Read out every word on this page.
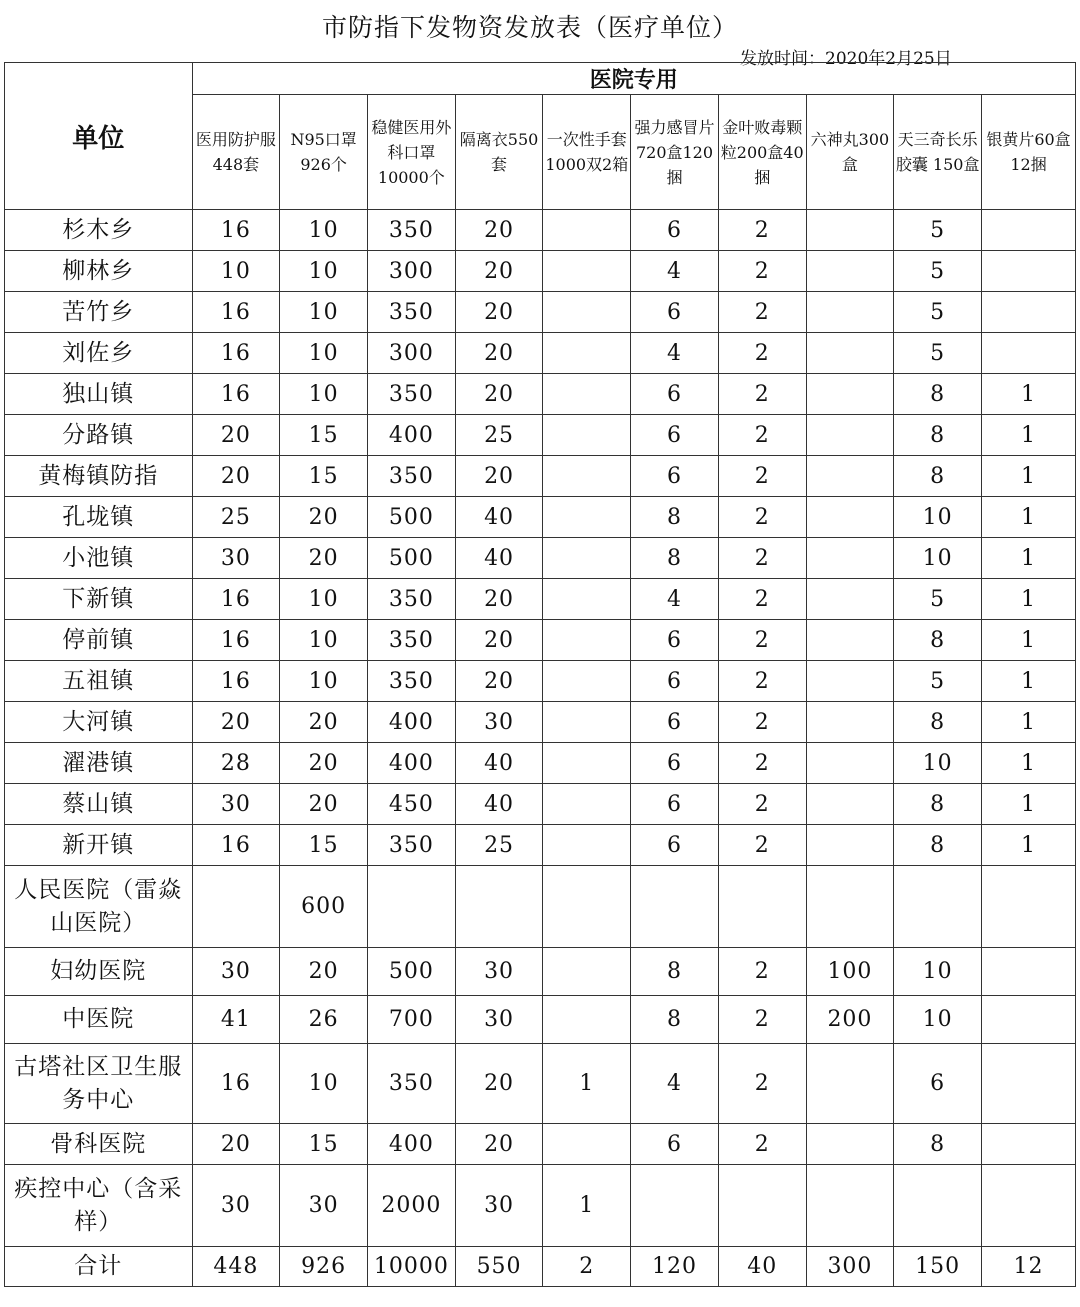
市防指下发物资发放表（医疗单位）
发放时间：2020年2月25日
单位	医院专用									
	医用防护服448套	N95口罩926个	稳健医用外科口罩10000个	隔离衣550套	一次性手套1000双2箱	强力感冒片720盒120捆	金叶败毒颗粒200盒40捆	六神丸300盒	天三奇长乐胶囊 150盒	银黄片60盒12捆
杉木乡	16	10	350	20		6	2		5	
柳林乡	10	10	300	20		4	2		5	
苦竹乡	16	10	350	20		6	2		5	
刘佐乡	16	10	300	20		4	2		5	
独山镇	16	10	350	20		6	2		8	1
分路镇	20	15	400	25		6	2		8	1
黄梅镇防指	20	15	350	20		6	2		8	1
孔垅镇	25	20	500	40		8	2		10	1
小池镇	30	20	500	40		8	2		10	1
下新镇	16	10	350	20		4	2		5	1
停前镇	16	10	350	20		6	2		8	1
五祖镇	16	10	350	20		6	2		5	1
大河镇	20	20	400	30		6	2		8	1
濯港镇	28	20	400	40		6	2		10	1
蔡山镇	30	20	450	40		6	2		8	1
新开镇	16	15	350	25		6	2		8	1
人民医院（雷焱山医院）		600								
妇幼医院	30	20	500	30		8	2	100	10	
中医院	41	26	700	30		8	2	200	10	
古塔社区卫生服务中心	16	10	350	20	1	4	2		6	
骨科医院	20	15	400	20		6	2		8	
疾控中心（含采样）	30	30	2000	30	1					
合计	448	926	10000	550	2	120	40	300	150	12
